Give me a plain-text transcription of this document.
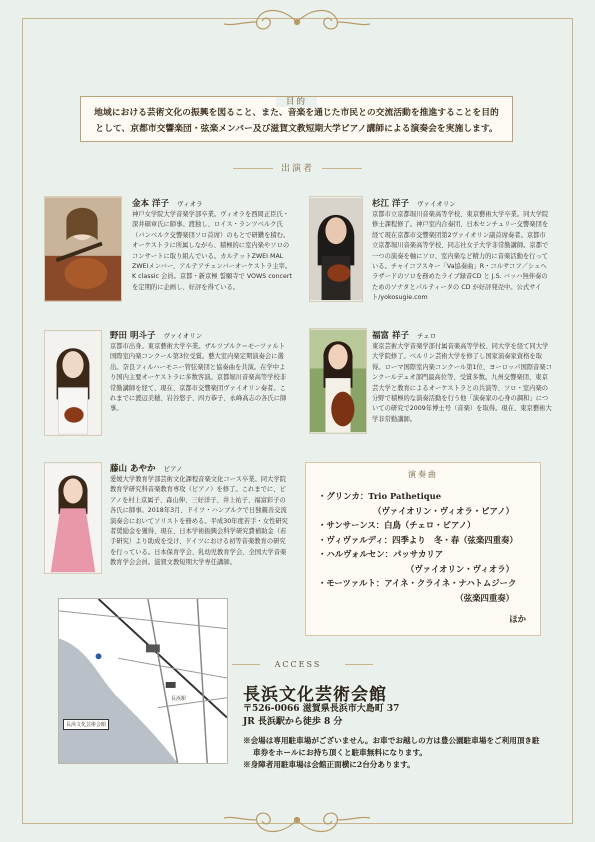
目的
地域における芸術文化の振興を図ること、また、音楽を通じた市民との交流活動を推進することを目的として、京都市交響楽団・弦楽メンバー及び滋賀文教短期大学ピアノ講師による演奏会を実施します。
出演者
金本 洋子 ヴィオラ
神戸女学院大学音楽学部卒業。ヴィオラを西岡正臣氏・深井碩章氏に師事。渡独し、ロイス・ランツベルク氏（バンベルク交響楽団ソロ首席）のもとで研鑽を積む。オーケストラに所属しながら、積極的に室内楽やソロのコンサートに取り組んでいる。カルテットZWEI MAL ZWEIメンバー、アルテアチェンバーオーケストラ主宰。K classic 会員。京都・新京極 誓願寺で VOWS concert を定期的に企画し、好評を得ている。
杉江 洋子 ヴァイオリン
京都市立京都堀川音楽高等学校、東京藝術大学卒業。同大学院修士課程修了。神戸室内合奏団、日本センチュリー交響楽団を経て現在京都市交響楽団第2ヴァイオリン副首席奏者。京都市立京都堀川音楽高等学校、同志社女子大学非常勤講師。京都で一つの演奏を軸にソロ、室内楽など精力的に音楽活動を行っている。チャイコフスキー「Va協奏曲」R・コルサコフ／シェヘラザードのソロを務めたライブ録音CD と J.S. バッハ無伴奏のためのソナタとパルティータの CD が好評発売中。公式サイト/yokosugie.com
野田 明斗子 ヴァイオリン
京都市出身。東京藝術大学卒業。ザルツブルク＝モーツァルト国際室内楽コンクール第3位受賞。藝大室内楽定期演奏会に選出。奈良フィルハーモニー管弦楽団と協奏曲を共演。在学中より国内主要オーケストラに多数客演。京都堀川音楽高等学校非常勤講師を経て、現在、京都市交響楽団ヴァイオリン奏者。これまでに渡辺美穂、岩谷悠子、四方恭子、永峰高志の各氏に師事。
福富 祥子 チェロ
東京芸術大学音楽学部付属音楽高等学校、同大学を経て同大学大学院修了。ベルリン芸術大学を修了し国家演奏家資格を取得。ローマ国際室内楽コンクール第1位、ヨーロッパ国際音楽コンクールデュオ部門最高位等、受賞多数。九州交響楽団、東京芸大学と教育によるオーケストラとの共演等、ソロ・室内楽の分野で積極的な演奏活動を行う他「演奏家の心身の調和」についての研究で2009年博士号（音楽）を取得。現在、東京藝術大学非常勤講師。
藤山 あやか ピアノ
愛媛大学教育学部芸術文化課程音楽文化コース卒業。同大学院教育学研究科音楽教育専攻（ピアノ）を修了。これまでに、ピアノを村上京属子、森山伸、三好洋子、井上祐子、福富彩子の各氏に師事。2018年3月、ドイツ・ハンブルクで日独親善交流演奏会においてソリストを務める。平成30年度若手・女性研究者奨励金を獲得、現在、日本学術振興会科学研究費補助金（若手研究）より助成を受け、ドイツにおける初等音楽教育の研究を行っている。日本保育学会、乳幼児教育学会、全国大学音楽教育学会会員。滋賀文教短期大学専任講師。
演奏曲
・グリンカ：Trio Pathetique
（ヴァイオリン・ヴィオラ・ピアノ）
・サンサーンス：白鳥（チェロ・ピアノ）
・ヴィヴァルディ：四季より　冬・春（弦楽四重奏）
・ハルヴォルセン：パッサカリア
（ヴァイオリン・ヴィオラ）
・モーツァルト：アイネ・クライネ・ナハトムジーク
（弦楽四重奏）
ほか
長浜文化芸術会館
長浜駅
ACCESS
長浜文化芸術会館
〒526-0066 滋賀県長浜市大島町 37
JR 長浜駅から徒歩 8 分
※会場は専用駐車場がございません。お車でお越しの方は豊公園駐車場をご利用頂き駐車券をホールにお持ち頂くと駐車無料になります。
※身障者用駐車場は会館正面横に2台分あります。
